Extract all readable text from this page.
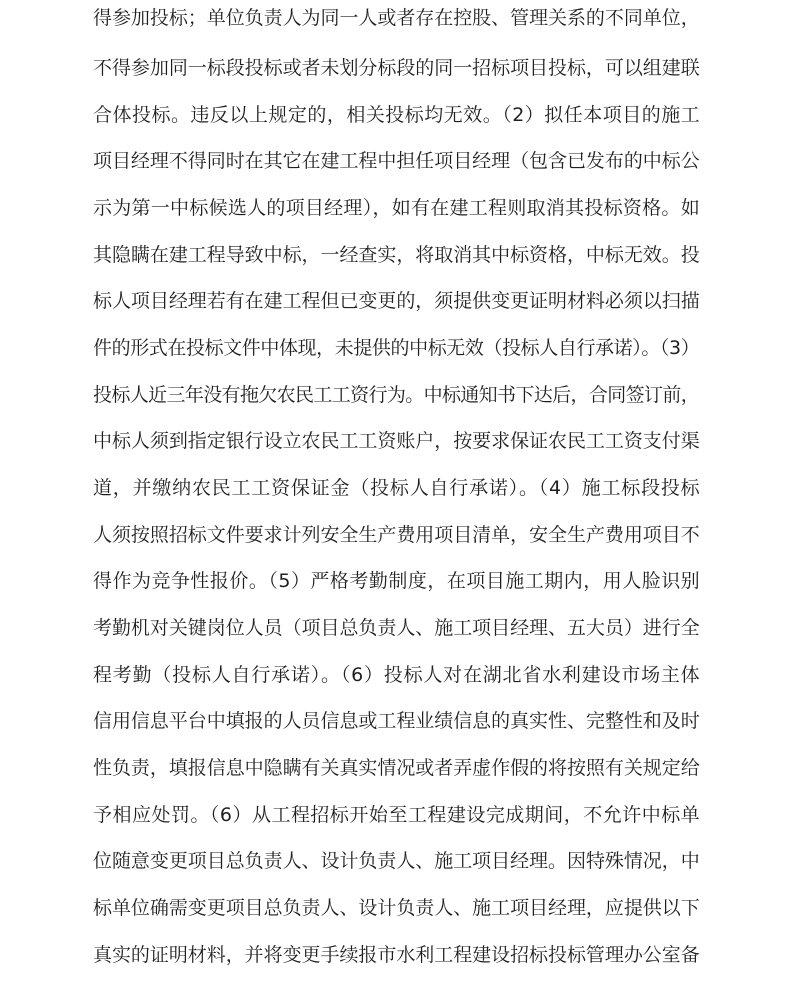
得参加投标；单位负责人为同一人或者存在控股、管理关系的不同单位，
不得参加同一标段投标或者未划分标段的同一招标项目投标，可以组建联
合体投标。违反以上规定的，相关投标均无效。（2）拟任本项目的施工
项目经理不得同时在其它在建工程中担任项目经理（包含已发布的中标公
示为第一中标候选人的项目经理），如有在建工程则取消其投标资格。如
其隐瞒在建工程导致中标，一经查实，将取消其中标资格，中标无效。投
标人项目经理若有在建工程但已变更的，须提供变更证明材料必须以扫描
件的形式在投标文件中体现，未提供的中标无效（投标人自行承诺）。（3）
投标人近三年没有拖欠农民工工资行为。中标通知书下达后，合同签订前，
中标人须到指定银行设立农民工工资账户，按要求保证农民工工资支付渠
道，并缴纳农民工工资保证金（投标人自行承诺）。（4）施工标段投标
人须按照招标文件要求计列安全生产费用项目清单，安全生产费用项目不
得作为竞争性报价。（5）严格考勤制度，在项目施工期内，用人脸识别
考勤机对关键岗位人员（项目总负责人、施工项目经理、五大员）进行全
程考勤（投标人自行承诺）。（6）投标人对在湖北省水利建设市场主体
信用信息平台中填报的人员信息或工程业绩信息的真实性、完整性和及时
性负责，填报信息中隐瞒有关真实情况或者弄虚作假的将按照有关规定给
予相应处罚。（6）从工程招标开始至工程建设完成期间，不允许中标单
位随意变更项目总负责人、设计负责人、施工项目经理。因特殊情况，中
标单位确需变更项目总负责人、设计负责人、施工项目经理，应提供以下
真实的证明材料，并将变更手续报市水利工程建设招标投标管理办公室备
